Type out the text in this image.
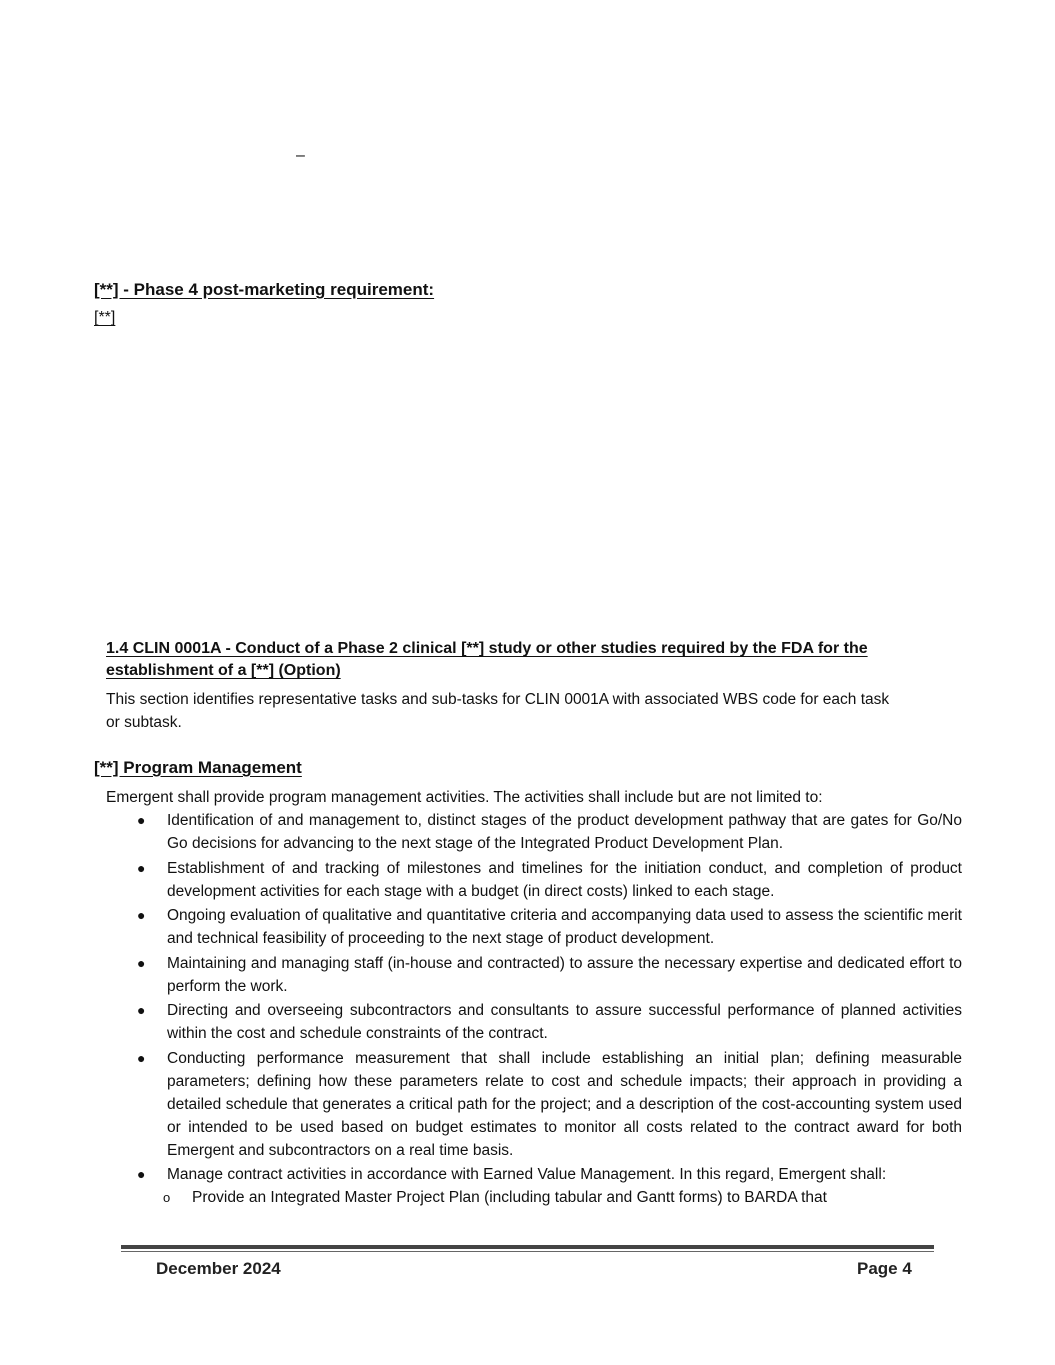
–
[**] - Phase 4 post-marketing requirement:
[**]
1.4 CLIN 0001A - Conduct of a Phase 2 clinical [**] study or other studies required by the FDA for the establishment of a [**] (Option)
This section identifies representative tasks and sub-tasks for CLIN 0001A with associated WBS code for each task or subtask.
[**] Program Management
Emergent shall provide program management activities. The activities shall include but are not limited to:
● Identification of and management to, distinct stages of the product development pathway that are gates for Go/No Go decisions for advancing to the next stage of the Integrated Product Development Plan.
● Establishment of and tracking of milestones and timelines for the initiation conduct, and completion of product development activities for each stage with a budget (in direct costs) linked to each stage.
● Ongoing evaluation of qualitative and quantitative criteria and accompanying data used to assess the scientific merit and technical feasibility of proceeding to the next stage of product development.
● Maintaining and managing staff (in-house and contracted) to assure the necessary expertise and dedicated effort to perform the work.
● Directing and overseeing subcontractors and consultants to assure successful performance of planned activities within the cost and schedule constraints of the contract.
● Conducting performance measurement that shall include establishing an initial plan; defining measurable parameters; defining how these parameters relate to cost and schedule impacts; their approach in providing a detailed schedule that generates a critical path for the project; and a description of the cost-accounting system used or intended to be used based on budget estimates to monitor all costs related to the contract award for both Emergent and subcontractors on a real time basis.
● Manage contract activities in accordance with Earned Value Management. In this regard, Emergent shall:
o Provide an Integrated Master Project Plan (including tabular and Gantt forms) to BARDA that
December 2024	Page 4
